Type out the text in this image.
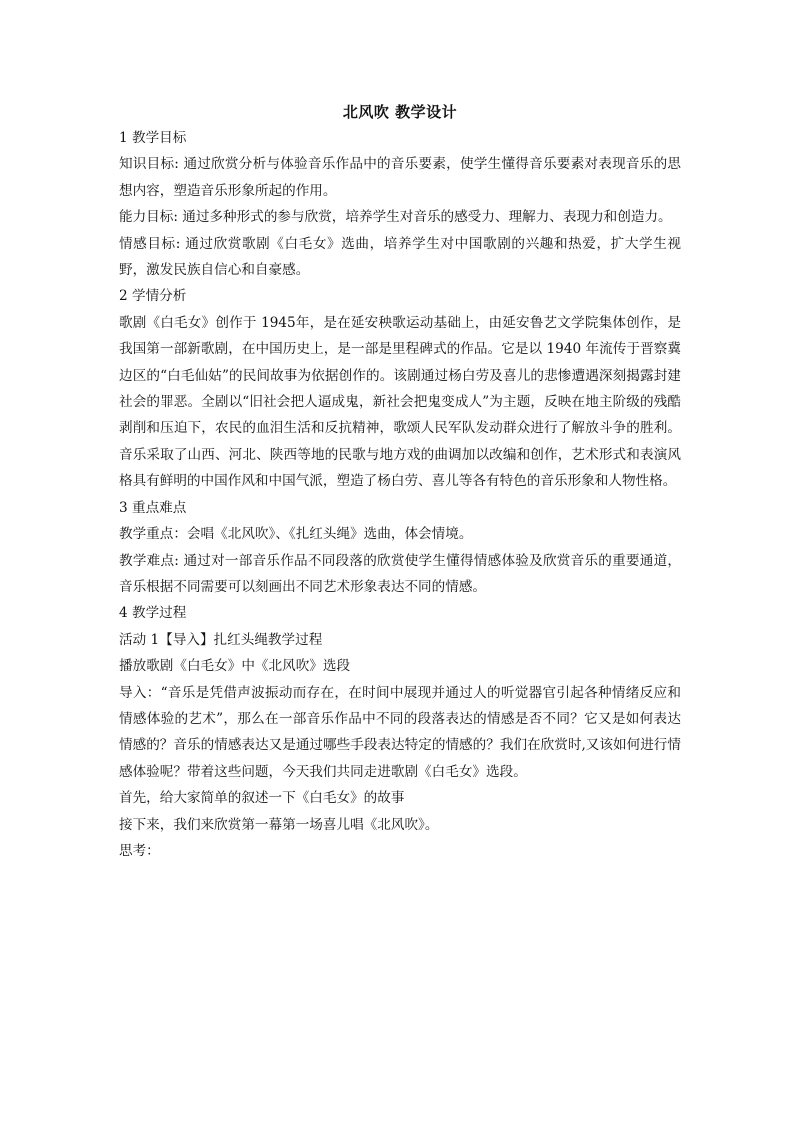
北风吹 教学设计

1 教学目标

知识目标: 通过欣赏分析与体验音乐作品中的音乐要素，使学生懂得音乐要素对表现音乐的思想内容，塑造音乐形象所起的作用。

能力目标: 通过多种形式的参与欣赏，培养学生对音乐的感受力、理解力、表现力和创造力。

情感目标: 通过欣赏歌剧《白毛女》选曲，培养学生对中国歌剧的兴趣和热爱，扩大学生视野，激发民族自信心和自豪感。

2 学情分析

歌剧《白毛女》创作于 1945年，是在延安秧歌运动基础上，由延安鲁艺文学院集体创作，是我国第一部新歌剧，在中国历史上，是一部是里程碑式的作品。它是以 1940 年流传于晋察冀边区的“白毛仙姑”的民间故事为依据创作的。该剧通过杨白劳及喜儿的悲惨遭遇深刻揭露封建社会的罪恶。全剧以“旧社会把人逼成鬼，新社会把鬼变成人”为主题，反映在地主阶级的残酷剥削和压迫下，农民的血泪生活和反抗精神，歌颂人民军队发动群众进行了解放斗争的胜利。音乐采取了山西、河北、陕西等地的民歌与地方戏的曲调加以改编和创作，艺术形式和表演风格具有鲜明的中国作风和中国气派，塑造了杨白劳、喜儿等各有特色的音乐形象和人物性格。

3 重点难点

教学重点：会唱《北风吹》、《扎红头绳》选曲，体会情境。

教学难点: 通过对一部音乐作品不同段落的欣赏使学生懂得情感体验及欣赏音乐的重要通道，音乐根据不同需要可以刻画出不同艺术形象表达不同的情感。

4 教学过程

活动 1【导入】扎红头绳教学过程

播放歌剧《白毛女》中《北风吹》选段

导入：“音乐是凭借声波振动而存在，在时间中展现并通过人的听觉器官引起各种情绪反应和情感体验的艺术”，那么在一部音乐作品中不同的段落表达的情感是否不同？它又是如何表达情感的？音乐的情感表达又是通过哪些手段表达特定的情感的？我们在欣赏时,又该如何进行情感体验呢？带着这些问题，今天我们共同走进歌剧《白毛女》选段。

首先，给大家简单的叙述一下《白毛女》的故事

接下来，我们来欣赏第一幕第一场喜儿唱《北风吹》。

思考：
